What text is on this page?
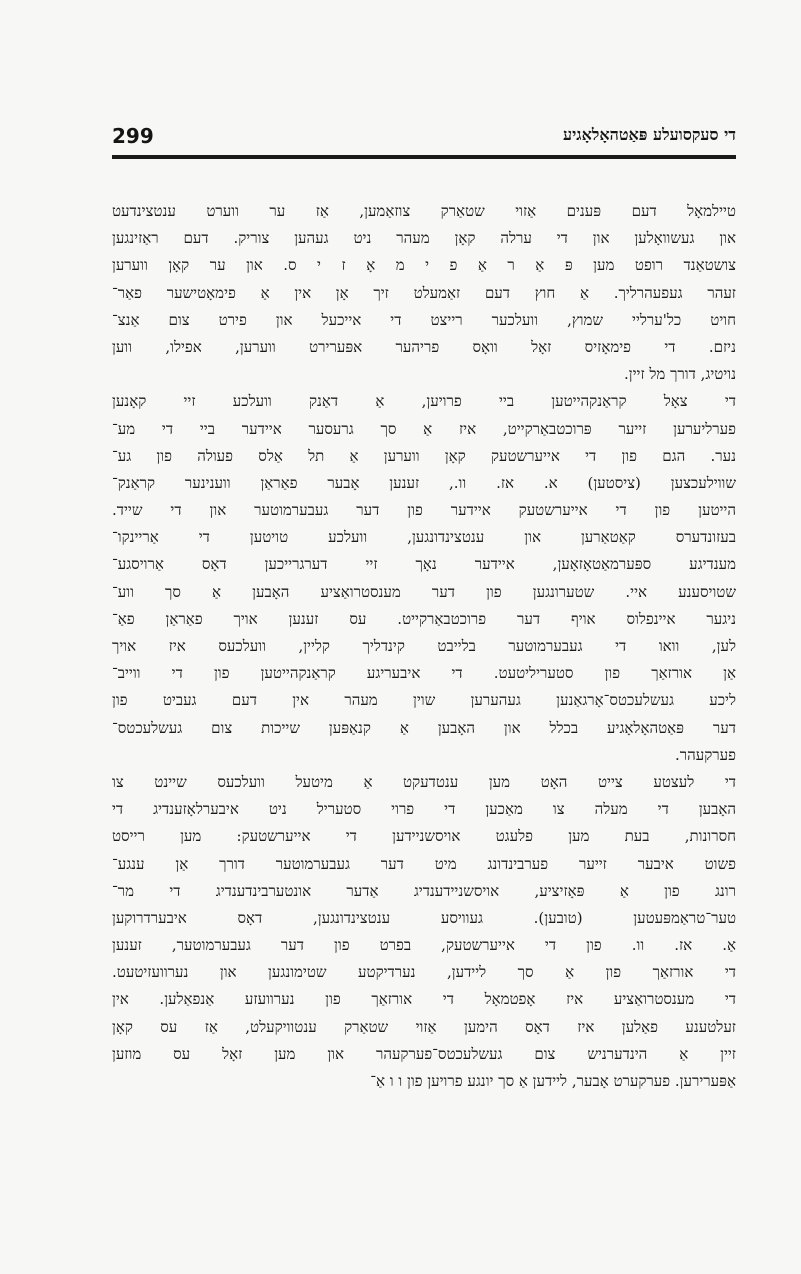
299	די סעקסועלע פּאַטהאָלאָגיע
טיילמאָל דעם פּענים אַזוי שטאַרק צוזאַמען, אַז ער ווערט ענטצינדעט
און געשוואָלען און די ערלה קאָן מעהר ניט געהען צוריק. דעם ראַזינגען
צושטאַנד רופט מען פּ אַ ר אַ פ י מ אָ ז י ס. און ער קאָן ווערען
זעהר געפעהרליך. אַ חוץ דעם זאַמעלט זיך אָן אין אַ פימאָטישער פאַר־
חויט כל'ערליי שמוץ, וועלכער רייצט די אייכעל און פירט צום אַנצ־
ניזם. די פימאָזיס זאָל וואָס פריהער אפּערירט ווערען, אפילו, ווען
נויטיג, דורך מל זיין.
די צאָל קראַנקהייטען ביי פרויען, אַ דאַנק וועלכע זיי קאָנען
פערליערען זייער פּרוכטבאַרקייט, איז אַ סך גרעסער איידער ביי די מע־
נער. הגם פון די אייערשטעק קאָן ווערען אַ תל אַלס פעולה פון גע־
שווילעכצען (ציסטען) א. אז. וו., זענען אָבער פאַראַן ווענינער קראַנק־
הייטען פון די אייערשטעק איידער פון דער געבערמוטער און די שייד.
בעזונדערס קאַטאַרען און ענטצינדונגען, וועלכע טויטען די אַריינקו־
מענדיגע ספּערמאַטאָזאָען, איידער נאָך זיי דערגרייכען דאָס אַרויסגע־
שטויסענע איי. שטערונגען פון דער מענסטרואַציע האָבען אַ סך ווע־
ניגער איינפלוס אויף דער פרוכטבאַרקייט. עס זענען אויך פאַראַן פאַ־
לען, וואו די געבערמוטער בלייבט קינדליך קליין, וועלכעס איז אויך
אַן אורזאַך פון סטעריליטעט. די איבעריגע קראַנקהייטען פון די ווייב־
ליכע געשלעכטס־אָרגאַנען געהערען שוין מעהר אין דעם געביט פון
דער פּאַטהאָלאָגיע בכלל און האָבען אַ קנאַפּען שייכות צום געשלעכטס־
פערקעהר.
די לעצטע צייט האָט מען ענטדעקט אַ מיטעל וועלכעס שיינט צו
האָבען די מעלה צו מאַכען די פרוי סטעריל ניט איבערלאָזענדיג די
חסרונות, בעת מען פלעגט אויסשניידען די אייערשטעק: מען רייסט
פשוט איבער זייער פערבינדונג מיט דער געבערמוטער דורך אַן ענגע־
רונג פון אַ פּאָזיציע, אויסשניידענדיג אַדער אונטערבינדענדיג די מר־
טער־טראַמפּעטען (טובען). געוויסע ענטצינדונגען, דאָס איבערדרוקען
אַ. אז. וו. פון די אייערשטעק, בפרט פון דער געבערמוטער, זענען
די אורזאַך פון אַ סך ליידען, נערדיקטע שטימונגען און נערוועזיטעט.
די מענסטרואַציע איז אָפטמאָל די אורזאַך פון נערוועזע אַנפאַלען. אין
זעלטענע פאַלען איז דאָס הימען אַזוי שטאַרק ענטוויקעלט, אַז עס קאָן
זיין אַ הינדערניש צום געשלעכטס־פערקעהר און מען זאָל עס מוזען
אַפּערירען. פערקערט אָבער, ליידען אַ סך יונגע פרויען פון ו ו אַ־
